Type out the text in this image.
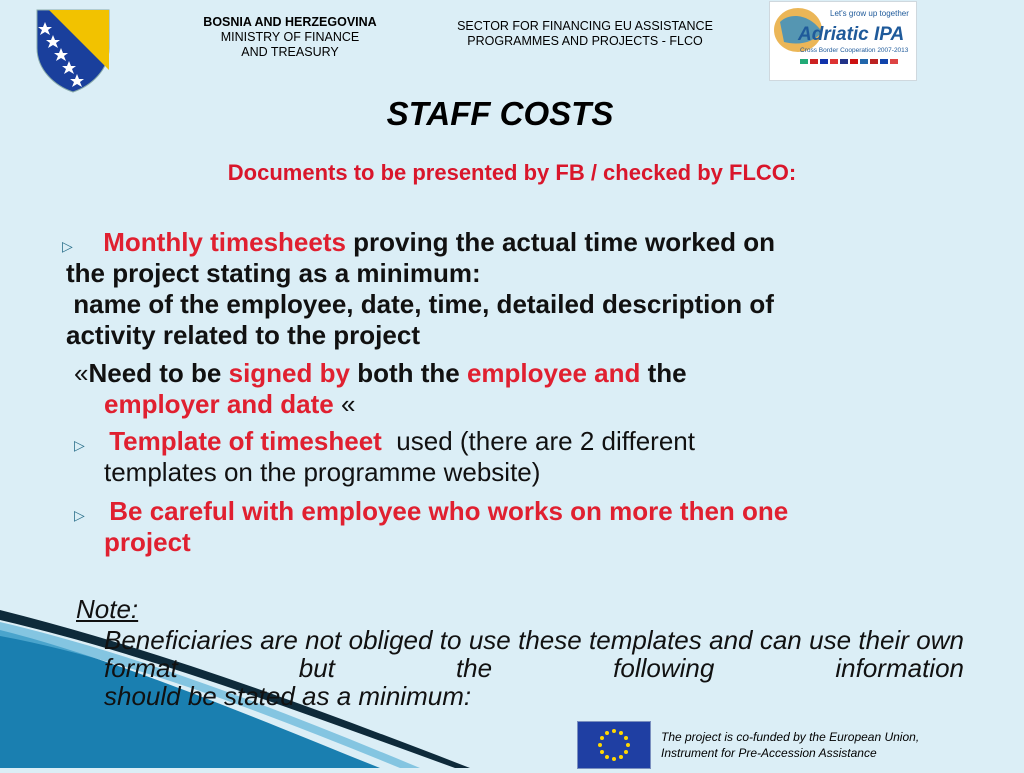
BOSNIA AND HERZEGOVINA
MINISTRY OF FINANCE
AND TREASURY
SECTOR FOR FINANCING EU ASSISTANCE
PROGRAMMES AND PROJECTS - FLCO
Let's grow up together
Adriatic IPA
Cross Border Cooperation 2007-2013
STAFF COSTS
Documents to be presented by FB / checked by FLCO:
▷ Monthly timesheets proving the actual time worked on
the project stating as a minimum:
name of the employee, date, time, detailed description of
activity related to the project
«Need to be signed by both the employee and the
employer and date «
▷ Template of timesheet  used (there are 2 different
templates on the programme website)
▷ Be careful with employee who works on more then one
project
Note:
Beneficiaries are not obliged to use these templates and can use their own format but the following information
should be stated as a minimum:
The project is co-funded by the European Union,
Instrument for Pre-Accession Assistance
